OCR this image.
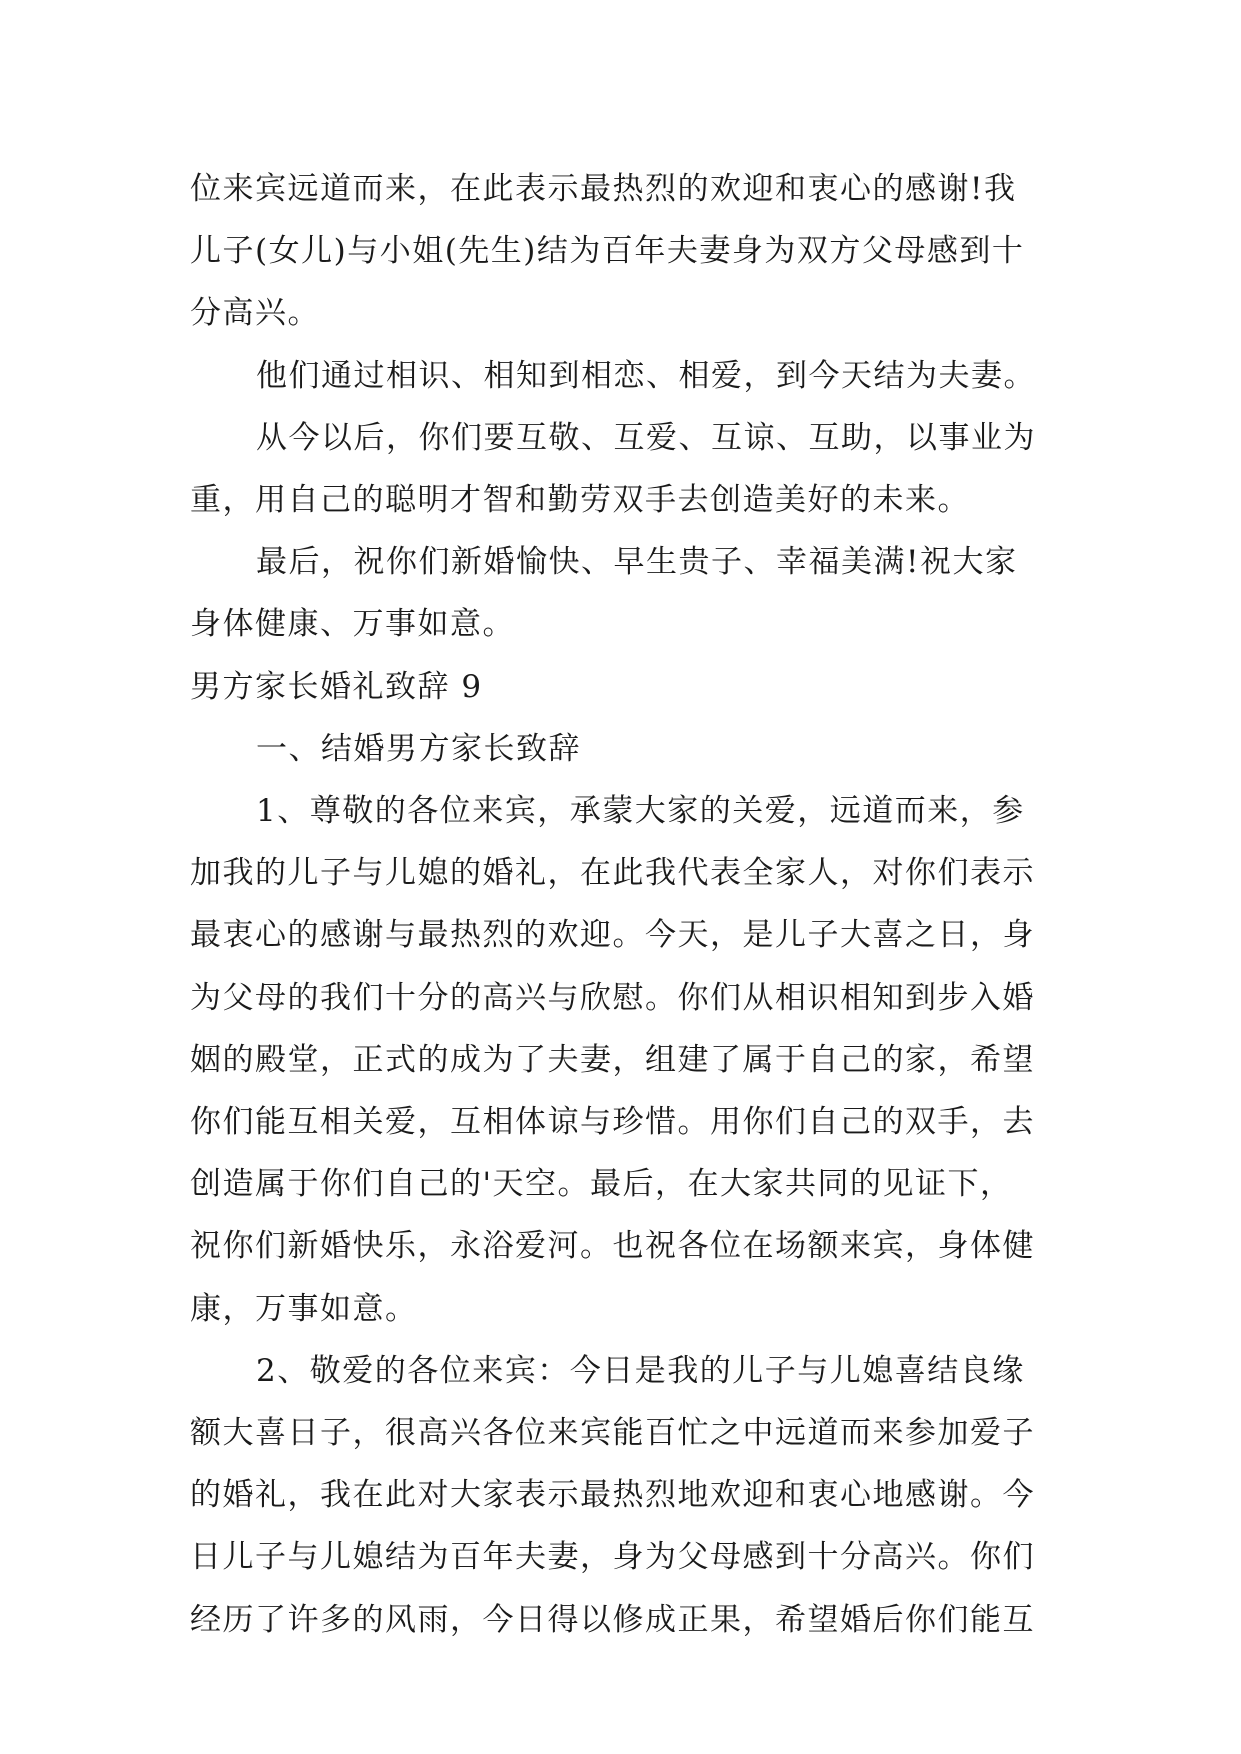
位来宾远道而来，在此表示最热烈的欢迎和衷心的感谢!我

儿子(女儿)与小姐(先生)结为百年夫妻身为双方父母感到十

分高兴。

他们通过相识、相知到相恋、相爱，到今天结为夫妻。

从今以后，你们要互敬、互爱、互谅、互助，以事业为

重，用自己的聪明才智和勤劳双手去创造美好的未来。

最后，祝你们新婚愉快、早生贵子、幸福美满!祝大家

身体健康、万事如意。

男方家长婚礼致辞 9

一、结婚男方家长致辞

1、尊敬的各位来宾，承蒙大家的关爱，远道而来，参

加我的儿子与儿媳的婚礼，在此我代表全家人，对你们表示

最衷心的感谢与最热烈的欢迎。今天，是儿子大喜之日，身

为父母的我们十分的高兴与欣慰。你们从相识相知到步入婚

姻的殿堂，正式的成为了夫妻，组建了属于自己的家，希望

你们能互相关爱，互相体谅与珍惜。用你们自己的双手，去

创造属于你们自己的'天空。最后，在大家共同的见证下，

祝你们新婚快乐，永浴爱河。也祝各位在场额来宾，身体健

康，万事如意。

2、敬爱的各位来宾：今日是我的儿子与儿媳喜结良缘

额大喜日子，很高兴各位来宾能百忙之中远道而来参加爱子

的婚礼，我在此对大家表示最热烈地欢迎和衷心地感谢。今

日儿子与儿媳结为百年夫妻，身为父母感到十分高兴。你们

经历了许多的风雨，今日得以修成正果，希望婚后你们能互
